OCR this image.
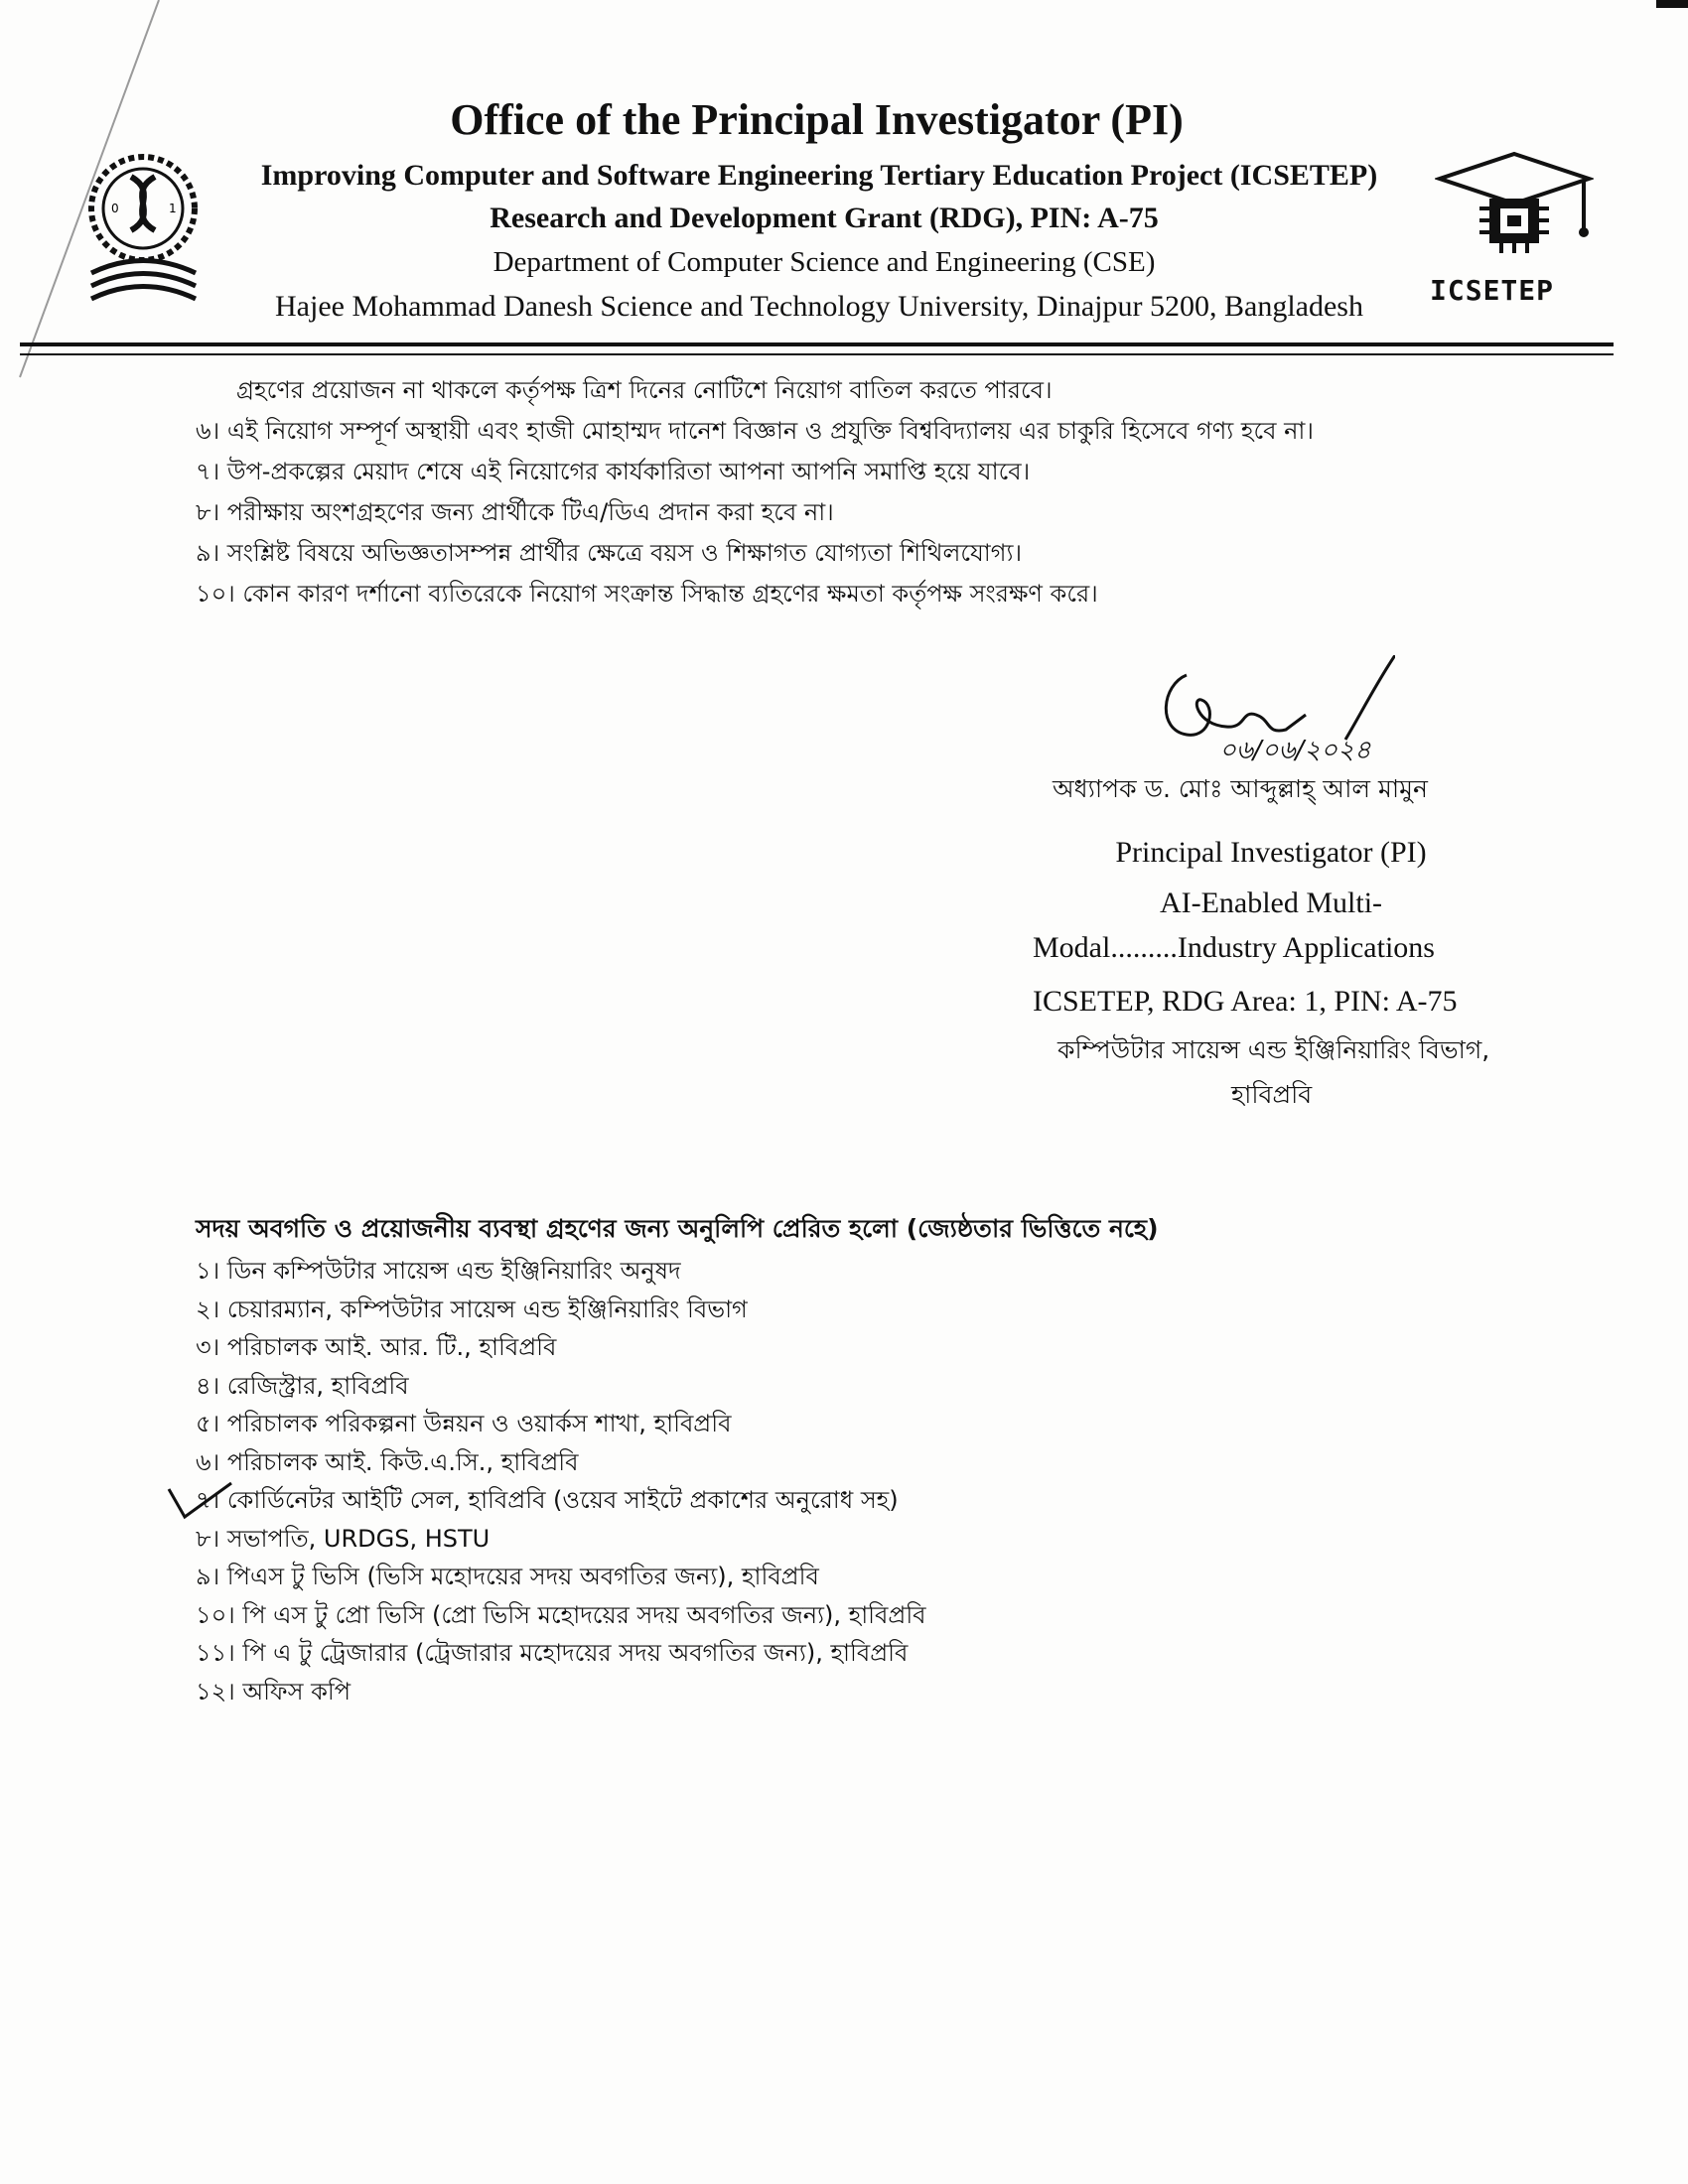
Office of the Principal Investigator (PI)
0	1
Improving Computer and Software Engineering Tertiary Education Project (ICSETEP)
Research and Development Grant (RDG), PIN: A-75
Department of Computer Science and Engineering (CSE)
Hajee Mohammad Danesh Science and Technology University, Dinajpur 5200, Bangladesh	ICSETEP
গ্রহণের প্রয়োজন না থাকলে কর্তৃপক্ষ ত্রিশ দিনের নোটিশে নিয়োগ বাতিল করতে পারবে।
৬। এই নিয়োগ সম্পূর্ণ অস্থায়ী এবং হাজী মোহাম্মদ দানেশ বিজ্ঞান ও প্রযুক্তি বিশ্ববিদ্যালয় এর চাকুরি হিসেবে গণ্য হবে না।
৭। উপ-প্রকল্পের মেয়াদ শেষে এই নিয়োগের কার্যকারিতা আপনা আপনি সমাপ্তি হয়ে যাবে।
৮। পরীক্ষায় অংশগ্রহণের জন্য প্রার্থীকে টিএ/ডিএ প্রদান করা হবে না।
৯। সংশ্লিষ্ট বিষয়ে অভিজ্ঞতাসম্পন্ন প্রার্থীর ক্ষেত্রে বয়স ও শিক্ষাগত যোগ্যতা শিথিলযোগ্য।
১০। কোন কারণ দর্শানো ব্যতিরেকে নিয়োগ সংক্রান্ত সিদ্ধান্ত গ্রহণের ক্ষমতা কর্তৃপক্ষ সংরক্ষণ করে।
০৬/০৬/২০২৪
অধ্যাপক ড. মোঃ আব্দুল্লাহ্ আল মামুন
Principal Investigator (PI)
AI-Enabled Multi-
Modal.........Industry Applications
ICSETEP, RDG Area: 1, PIN: A-75
কম্পিউটার সায়েন্স এন্ড ইঞ্জিনিয়ারিং বিভাগ,
হাবিপ্রবি
সদয় অবগতি ও প্রয়োজনীয় ব্যবস্থা গ্রহণের জন্য অনুলিপি প্রেরিত হলো (জ্যেষ্ঠতার ভিত্তিতে নহে)
১। ডিন কম্পিউটার সায়েন্স এন্ড ইঞ্জিনিয়ারিং অনুষদ
২। চেয়ারম্যান, কম্পিউটার সায়েন্স এন্ড ইঞ্জিনিয়ারিং বিভাগ
৩। পরিচালক আই. আর. টি., হাবিপ্রবি
৪। রেজিস্ট্রার, হাবিপ্রবি
৫। পরিচালক পরিকল্পনা উন্নয়ন ও ওয়ার্কস শাখা, হাবিপ্রবি
৬। পরিচালক আই. কিউ.এ.সি., হাবিপ্রবি
৭। কোর্ডিনেটর আইটি সেল, হাবিপ্রবি (ওয়েব সাইটে প্রকাশের অনুরোধ সহ)
৮। সভাপতি, URDGS, HSTU
৯। পিএস টু ভিসি (ভিসি মহোদয়ের সদয় অবগতির জন্য), হাবিপ্রবি
১০। পি এস টু প্রো ভিসি (প্রো ভিসি মহোদয়ের সদয় অবগতির জন্য), হাবিপ্রবি
১১। পি এ টু ট্রেজারার (ট্রেজারার মহোদয়ের সদয় অবগতির জন্য), হাবিপ্রবি
১২। অফিস কপি
